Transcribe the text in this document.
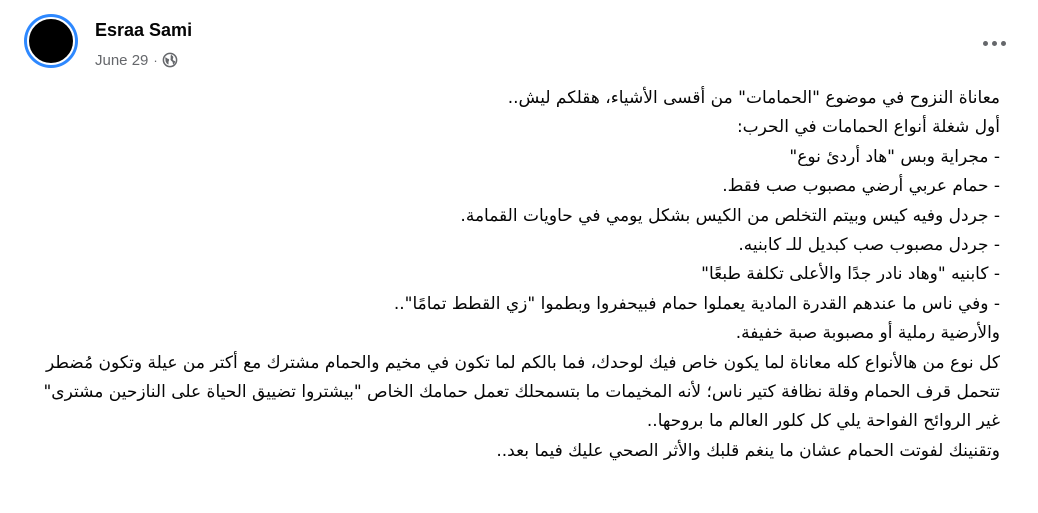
Esraa Sami
June 29 ·
معاناة النزوح في موضوع "الحمامات" من أقسى الأشياء، هقلكم ليش..
أول شغلة أنواع الحمامات في الحرب:
- مجراية وبس "هاد أردئ نوع"
- حمام عربي أرضي مصبوب صب فقط.
- جردل وفيه كيس وبيتم التخلص من الكيس بشكل يومي في حاويات القمامة.
- جردل مصبوب صب كبديل للـ كابنيه.
- كابنيه "وهاد نادر جدًا والأعلى تكلفة طبعًا"
- وفي ناس ما عندهم القدرة المادية يعملوا حمام فبيحفروا وبطموا "زي القطط تمامًا"..
والأرضية رملية أو مصبوبة صبة خفيفة.
كل نوع من هالأنواع كله معاناة لما يكون خاص فيك لوحدك، فما بالكم لما تكون في مخيم والحمام مشترك مع أكتر من عيلة وتكون مُضطر تتحمل قرف الحمام وقلة نظافة كتير ناس؛ لأنه المخيمات ما بتسمحلك تعمل حمامك الخاص "بيشتروا تضييق الحياة على النازحين مشترى"
غير الروائح الفواحة يلي كل كلور العالم ما بروحها..
وتقنينك لفوتت الحمام عشان ما ينغم قلبك والأثر الصحي عليك فيما بعد..
